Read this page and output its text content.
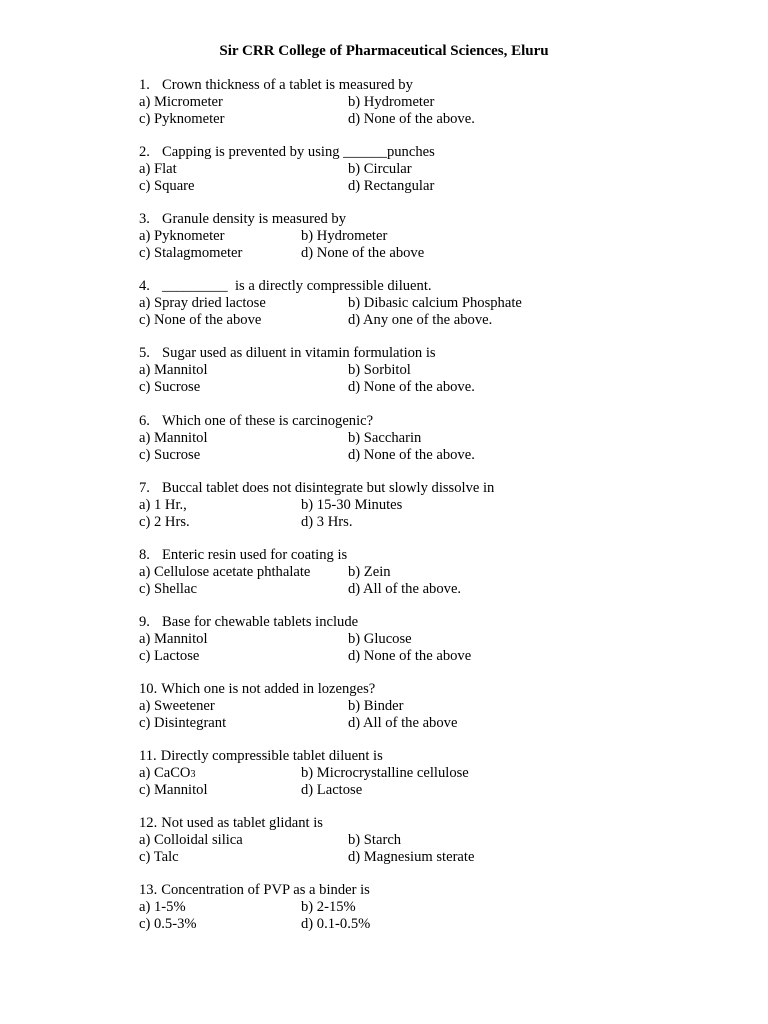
Sir CRR College of Pharmaceutical Sciences, Eluru
1. Crown thickness of a tablet is measured by
a) Micrometer	b) Hydrometer
c) Pyknometer	d) None of the above.
2. Capping is prevented by using ______punches
a) Flat	b) Circular
c) Square	d) Rectangular
3. Granule density is measured by
a) Pyknometer	b) Hydrometer
c) Stalagmometer	d) None of the above
4. _________  is a directly compressible diluent.
a) Spray dried lactose	b) Dibasic calcium Phosphate
c) None of the above	d) Any one of the above.
5. Sugar used as diluent in vitamin formulation is
a) Mannitol	b) Sorbitol
c) Sucrose	d) None of the above.
6. Which one of these is carcinogenic?
a) Mannitol	b) Saccharin
c) Sucrose	d) None of the above.
7. Buccal tablet does not disintegrate but slowly dissolve in
a) 1 Hr.,	b) 15-30 Minutes
c) 2 Hrs.	d) 3 Hrs.
8. Enteric resin used for coating is
a) Cellulose acetate phthalate	b) Zein
c) Shellac	d) All of the above.
9. Base for chewable tablets include
a) Mannitol	b) Glucose
c) Lactose	d) None of the above
10. Which one is not added in lozenges?
a) Sweetener	b) Binder
c) Disintegrant	d) All of the above
11. Directly compressible tablet diluent is
a) CaCO3	b) Microcrystalline cellulose
c) Mannitol	d) Lactose
12. Not used as tablet glidant is
a) Colloidal silica	b) Starch
c) Talc	d) Magnesium sterate
13. Concentration of PVP as a binder is
a) 1-5%	b) 2-15%
c) 0.5-3%	d) 0.1-0.5%
